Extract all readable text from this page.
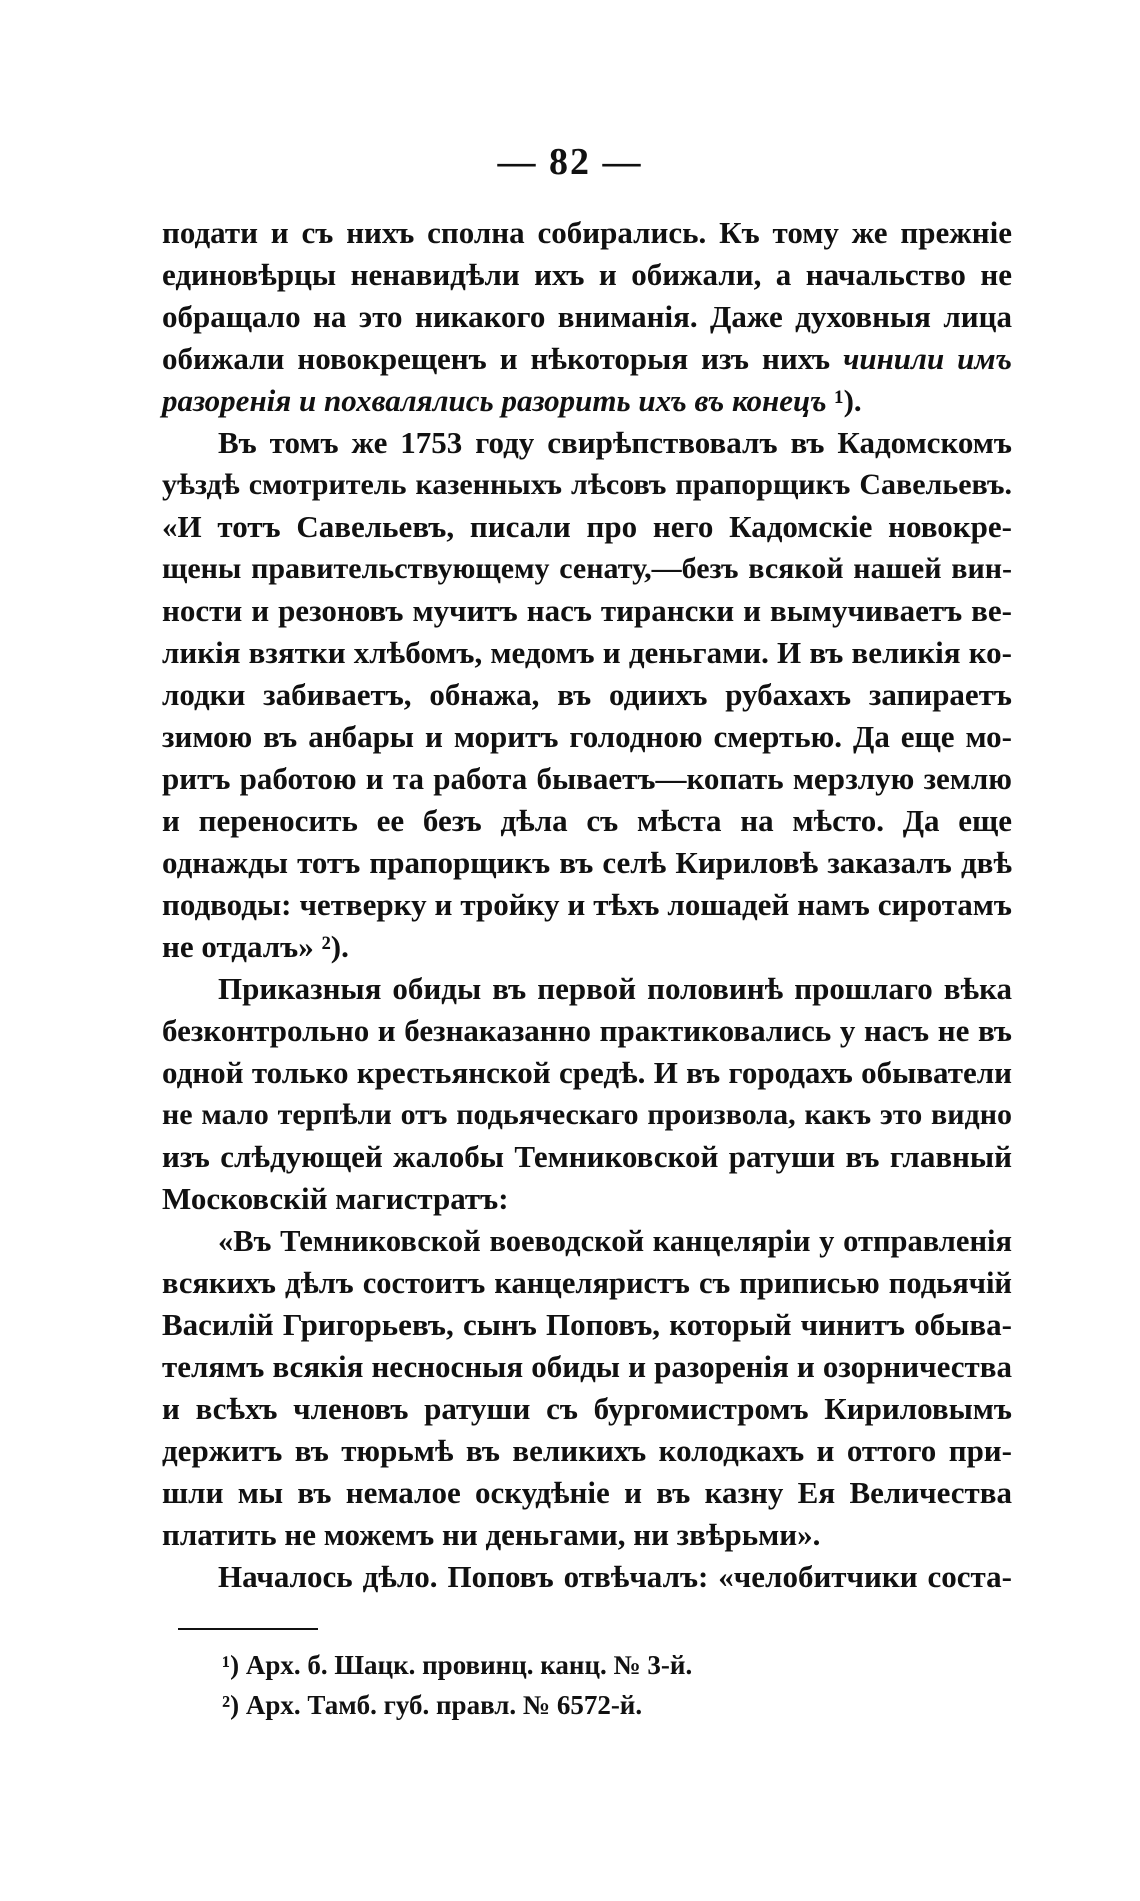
— 82 —
подати и съ нихъ сполна собирались. Къ тому же прежніе
единовѣрцы ненавидѣли ихъ и обижали, а начальство не
обращало на это никакого вниманія. Даже духовныя лица
обижали новокрещенъ и нѣкоторыя изъ нихъ чинили имъ
разоренія и похвалялись разорить ихъ въ конецъ ¹).
Въ томъ же 1753 году свирѣпствовалъ въ Кадомскомъ
уѣздѣ смотритель казенныхъ лѣсовъ прапорщикъ Савельевъ.
«И тотъ Савельевъ, писали про него Кадомскіе новокре-
щены правительствующему сенату,—безъ всякой нашей вин-
ности и резоновъ мучитъ насъ тирански и вымучиваетъ ве-
ликія взятки хлѣбомъ, медомъ и деньгами. И въ великія ко-
лодки забиваетъ, обнажа, въ одиихъ рубахахъ запираетъ
зимою въ анбары и моритъ голодною смертью. Да еще мо-
ритъ работою и та работа бываетъ—копать мерзлую землю
и переносить ее безъ дѣла съ мѣста на мѣсто. Да еще
однажды тотъ прапорщикъ въ селѣ Кириловѣ заказалъ двѣ
подводы: четверку и тройку и тѣхъ лошадей намъ сиротамъ
не отдалъ» ²).
Приказныя обиды въ первой половинѣ прошлаго вѣка
безконтрольно и безнаказанно практиковались у насъ не въ
одной только крестьянской средѣ. И въ городахъ обыватели
не мало терпѣли отъ подьяческаго произвола, какъ это видно
изъ слѣдующей жалобы Темниковской ратуши въ главный
Московскій магистратъ:
«Въ Темниковской воеводской канцеляріи у отправленія
всякихъ дѣлъ состоитъ канцеляристъ съ приписью подьячій
Василій Григорьевъ, сынъ Поповъ, который чинитъ обыва-
телямъ всякія несносныя обиды и разоренія и озорничества
и всѣхъ членовъ ратуши съ бургомистромъ Кириловымъ
держитъ въ тюрьмѣ въ великихъ колодкахъ и оттого при-
шли мы въ немалое оскудѣніе и въ казну Ея Величества
платить не можемъ ни деньгами, ни звѣрьми».
Началось дѣло. Поповъ отвѣчалъ: «челобитчики соста-
¹) Арх. б. Шацк. провинц. канц. № 3-й.
²) Арх. Тамб. губ. правл. № 6572-й.
